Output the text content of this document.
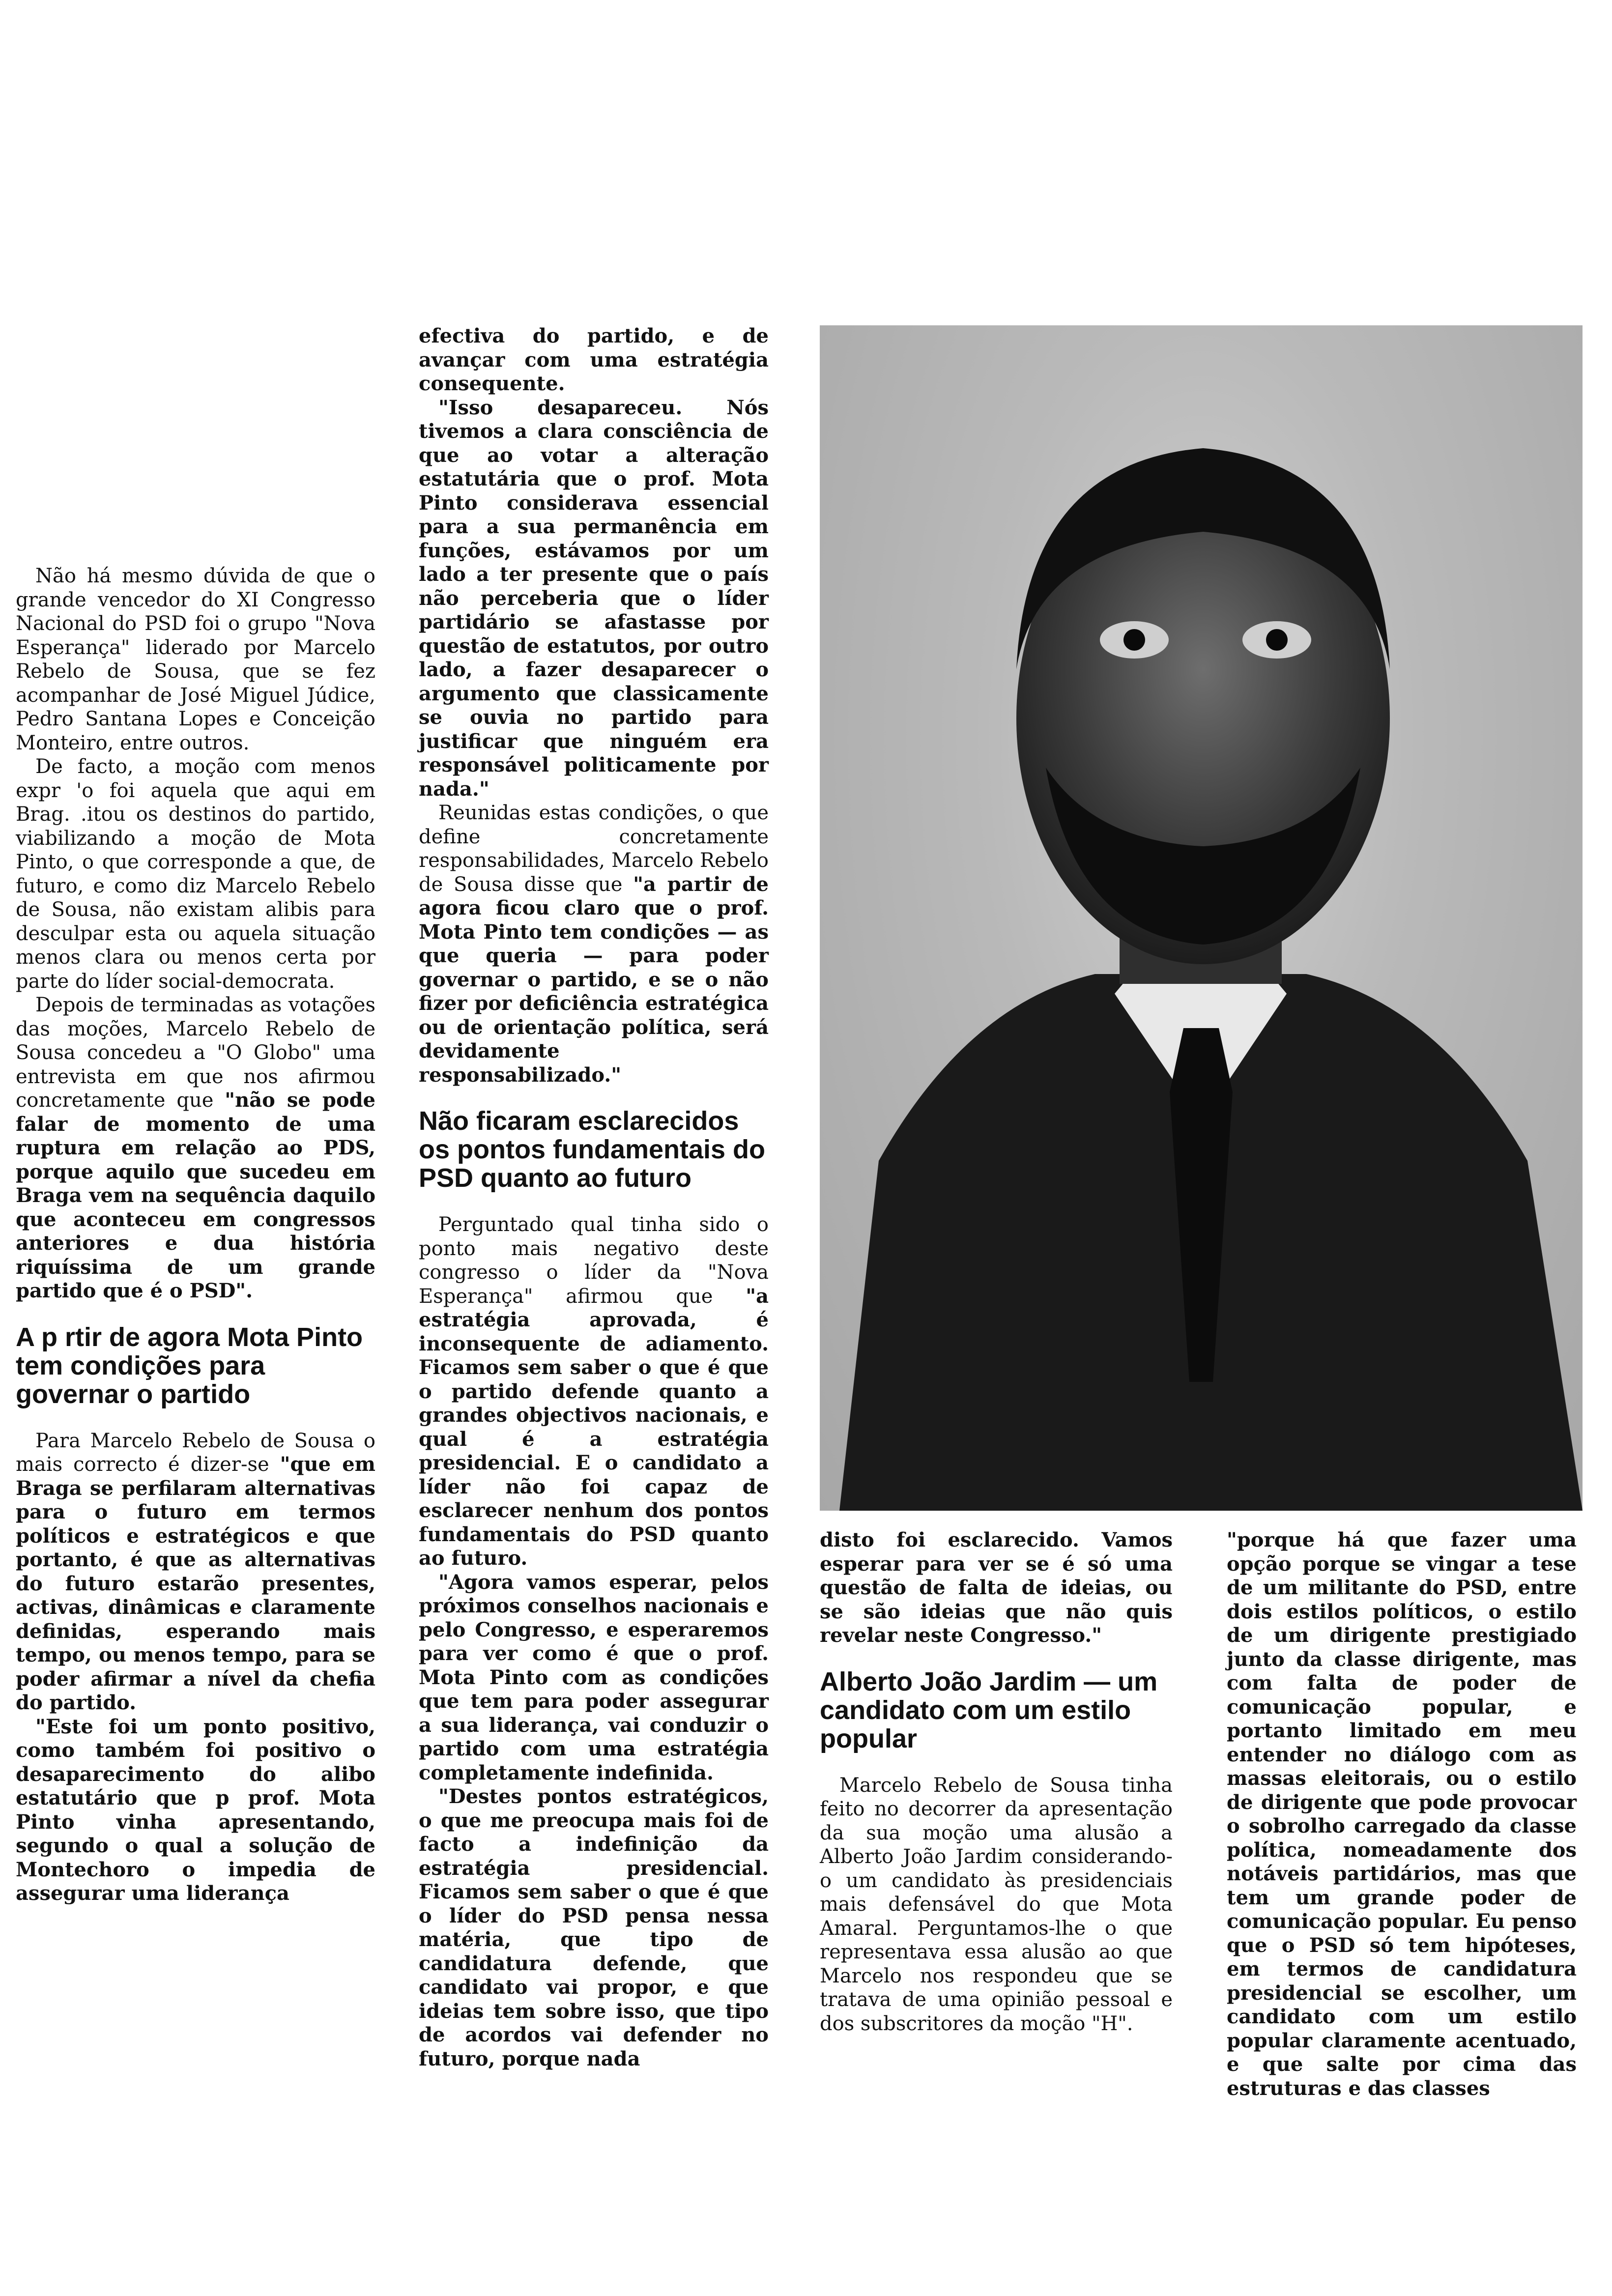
Não há mesmo dúvida de que o grande vencedor do XI Congresso Nacional do PSD foi o grupo "Nova Esperança" liderado por Marcelo Rebelo de Sousa, que se fez acompanhar de José Miguel Júdice, Pedro Santana Lopes e Conceição Monteiro, entre outros.

De facto, a moção com menos expr 'o foi aquela que aqui em Brag. .itou os destinos do partido, viabilizando a moção de Mota Pinto, o que corresponde a que, de futuro, e como diz Marcelo Rebelo de Sousa, não existam alibis para desculpar esta ou aquela situação menos clara ou menos certa por parte do líder social-democrata.

Depois de terminadas as votações das moções, Marcelo Rebelo de Sousa concedeu a "O Globo" uma entrevista em que nos afirmou concretamente que "não se pode falar de momento de uma ruptura em relação ao PDS, porque aquilo que sucedeu em Braga vem na sequência daquilo que aconteceu em congressos anteriores e dua história riquíssima de um grande partido que é o PSD".

A p rtir de agora Mota Pinto tem condições para governar o partido

Para Marcelo Rebelo de Sousa o mais correcto é dizer-se "que em Braga se perfilaram alternativas para o futuro em termos políticos e estratégicos e que portanto, é que as alternativas do futuro estarão presentes, activas, dinâmicas e claramente definidas, esperando mais tempo, ou menos tempo, para se poder afirmar a nível da chefia do partido.

"Este foi um ponto positivo, como também foi positivo o desaparecimento do alibo estatutário que p prof. Mota Pinto vinha apresentando, segundo o qual a solução de Montechoro o impedia de assegurar uma liderança

efectiva do partido, e de avançar com uma estratégia consequente.

"Isso desapareceu. Nós tivemos a clara consciência de que ao votar a alteração estatutária que o prof. Mota Pinto considerava essencial para a sua permanência em funções, estávamos por um lado a ter presente que o país não perceberia que o líder partidário se afastasse por questão de estatutos, por outro lado, a fazer desaparecer o argumento que classicamente se ouvia no partido para justificar que ninguém era responsável politicamente por nada."

Reunidas estas condições, o que define concretamente responsabilidades, Marcelo Rebelo de Sousa disse que "a partir de agora ficou claro que o prof. Mota Pinto tem condições — as que queria — para poder governar o partido, e se o não fizer por deficiência estratégica ou de orientação política, será devidamente responsabilizado."

Não ficaram esclarecidos os pontos fundamentais do PSD quanto ao futuro

Perguntado qual tinha sido o ponto mais negativo deste congresso o líder da "Nova Esperança" afirmou que "a estratégia aprovada, é inconsequente de adiamento. Ficamos sem saber o que é que o partido defende quanto a grandes objectivos nacionais, e qual é a estratégia presidencial. E o candidato a líder não foi capaz de esclarecer nenhum dos pontos fundamentais do PSD quanto ao futuro.

"Agora vamos esperar, pelos próximos conselhos nacionais e pelo Congresso, e esperaremos para ver como é que o prof. Mota Pinto com as condições que tem para poder assegurar a sua liderança, vai conduzir o partido com uma estratégia completamente indefinida.

"Destes pontos estratégicos, o que me preocupa mais foi de facto a indefinição da estratégia presidencial. Ficamos sem saber o que é que o líder do PSD pensa nessa matéria, que tipo de candidatura defende, que candidato vai propor, e que ideias tem sobre isso, que tipo de acordos vai defender no futuro, porque nada

disto foi esclarecido. Vamos esperar para ver se é só uma questão de falta de ideias, ou se são ideias que não quis revelar neste Congresso."

Alberto João Jardim — um candidato com um estilo popular

Marcelo Rebelo de Sousa tinha feito no decorrer da apresentação da sua moção uma alusão a Alberto João Jardim considerando-o um candidato às presidenciais mais defensável do que Mota Amaral. Perguntamos-lhe o que representava essa alusão ao que Marcelo nos respondeu que se tratava de uma opinião pessoal e dos subscritores da moção "H".

"porque há que fazer uma opção porque se vingar a tese de um militante do PSD, entre dois estilos políticos, o estilo de um dirigente prestigiado junto da classe dirigente, mas com falta de poder de comunicação popular, e portanto limitado em meu entender no diálogo com as massas eleitorais, ou o estilo de dirigente que pode provocar o sobrolho carregado da classe política, nomeadamente dos notáveis partidários, mas que tem um grande poder de comunicação popular. Eu penso que o PSD só tem hipóteses, em termos de candidatura presidencial se escolher, um candidato com um estilo popular claramente acentuado, e que salte por cima das estruturas e das classes
